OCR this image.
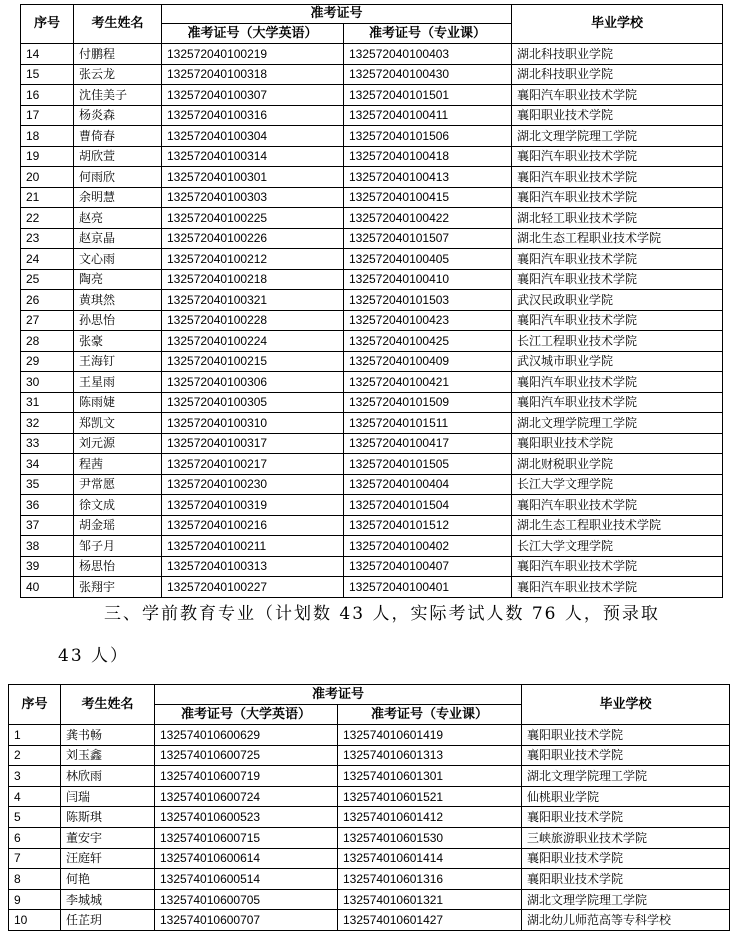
序号	考生姓名	准考证号		毕业学校
		准考证号（大学英语）	准考证号（专业课）	
14	付鹏程	132572040100219	132572040100403	湖北科技职业学院
15	张云龙	132572040100318	132572040100430	湖北科技职业学院
16	沈佳美子	132572040100307	132572040101501	襄阳汽车职业技术学院
17	杨炎森	132572040100316	132572040100411	襄阳职业技术学院
18	曹倚春	132572040100304	132572040101506	湖北文理学院理工学院
19	胡欣萱	132572040100314	132572040100418	襄阳汽车职业技术学院
20	何雨欣	132572040100301	132572040100413	襄阳汽车职业技术学院
21	余明慧	132572040100303	132572040100415	襄阳汽车职业技术学院
22	赵亮	132572040100225	132572040100422	湖北轻工职业技术学院
23	赵京晶	132572040100226	132572040101507	湖北生态工程职业技术学院
24	文心雨	132572040100212	132572040100405	襄阳汽车职业技术学院
25	陶亮	132572040100218	132572040100410	襄阳汽车职业技术学院
26	黄琪然	132572040100321	132572040101503	武汉民政职业学院
27	孙思怡	132572040100228	132572040100423	襄阳汽车职业技术学院
28	张豪	132572040100224	132572040100425	长江工程职业技术学院
29	王海钉	132572040100215	132572040100409	武汉城市职业学院
30	王星雨	132572040100306	132572040100421	襄阳汽车职业技术学院
31	陈雨婕	132572040100305	132572040101509	襄阳汽车职业技术学院
32	郑凯文	132572040100310	132572040101511	湖北文理学院理工学院
33	刘元源	132572040100317	132572040100417	襄阳职业技术学院
34	程茜	132572040100217	132572040101505	湖北财税职业学院
35	尹常愿	132572040100230	132572040100404	长江大学文理学院
36	徐文成	132572040100319	132572040101504	襄阳汽车职业技术学院
37	胡金瑶	132572040100216	132572040101512	湖北生态工程职业技术学院
38	邹子月	132572040100211	132572040100402	长江大学文理学院
39	杨思怡	132572040100313	132572040100407	襄阳汽车职业技术学院
40	张翔宇	132572040100227	132572040100401	襄阳汽车职业技术学院

三、学前教育专业（计划数 43 人，实际考试人数 76 人，预录取

43 人）

序号	考生姓名	准考证号		毕业学校
		准考证号（大学英语）	准考证号（专业课）	
1	龚书畅	132574010600629	132574010601419	襄阳职业技术学院
2	刘玉鑫	132574010600725	132574010601313	襄阳职业技术学院
3	林欣雨	132574010600719	132574010601301	湖北文理学院理工学院
4	闫瑞	132574010600724	132574010601521	仙桃职业学院
5	陈斯琪	132574010600523	132574010601412	襄阳职业技术学院
6	董安宇	132574010600715	132574010601530	三峡旅游职业技术学院
7	汪庭轩	132574010600614	132574010601414	襄阳职业技术学院
8	何艳	132574010600514	132574010601316	襄阳职业技术学院
9	李城城	132574010600705	132574010601321	湖北文理学院理工学院
10	任芷玥	132574010600707	132574010601427	湖北幼儿师范高等专科学校
